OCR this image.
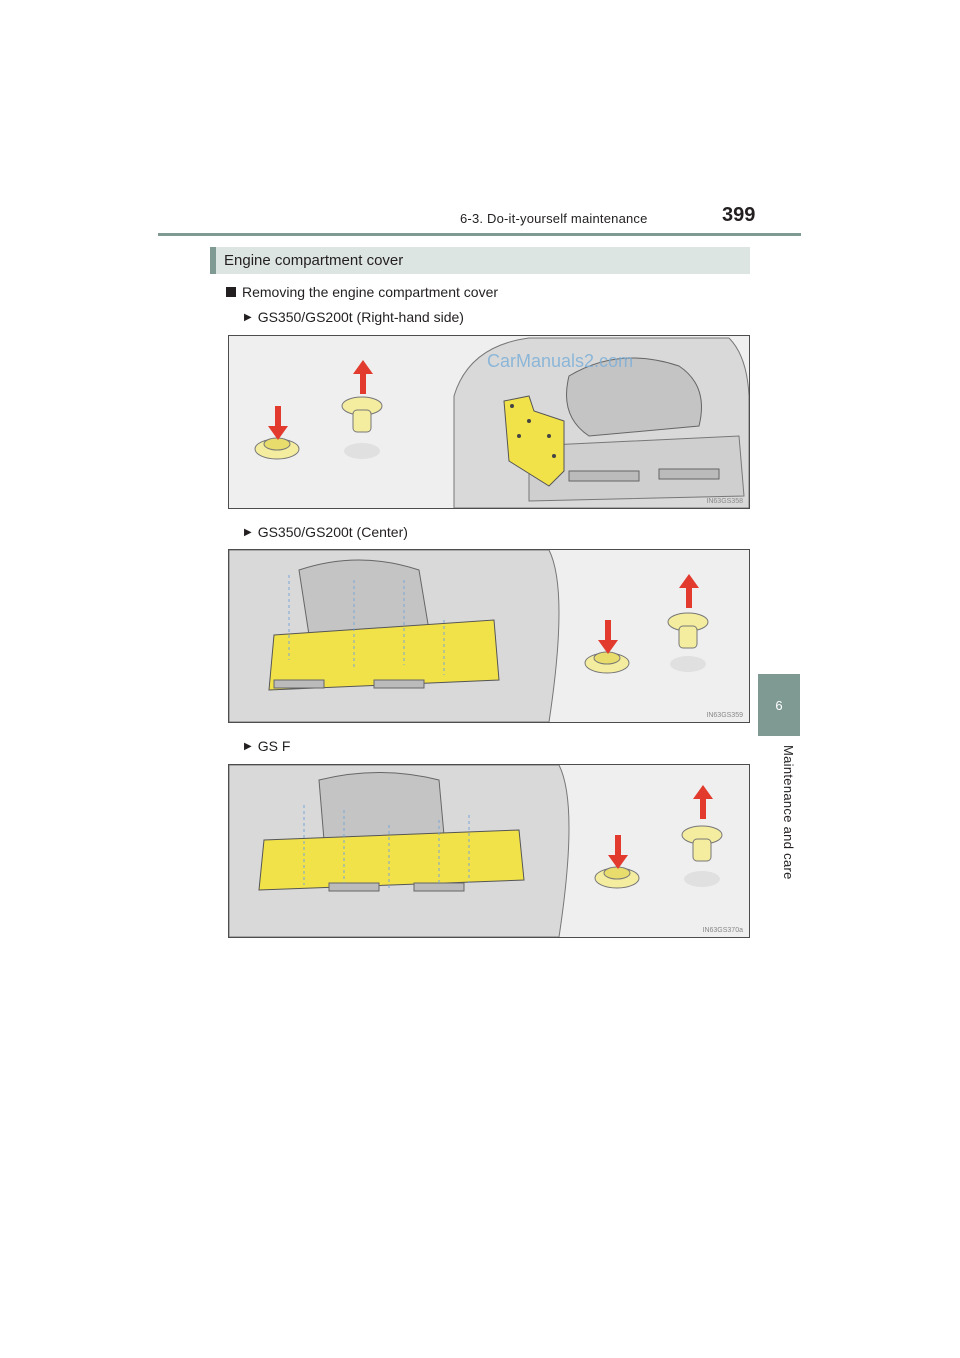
6-3. Do-it-yourself maintenance	399
6
Maintenance and care
Engine compartment cover
Removing the engine compartment cover
▶ GS350/GS200t (Right-hand side)
IN63GS358
CarManuals2.com
▶ GS350/GS200t (Center)
IN63GS359
▶ GS F
IN63GS370a
